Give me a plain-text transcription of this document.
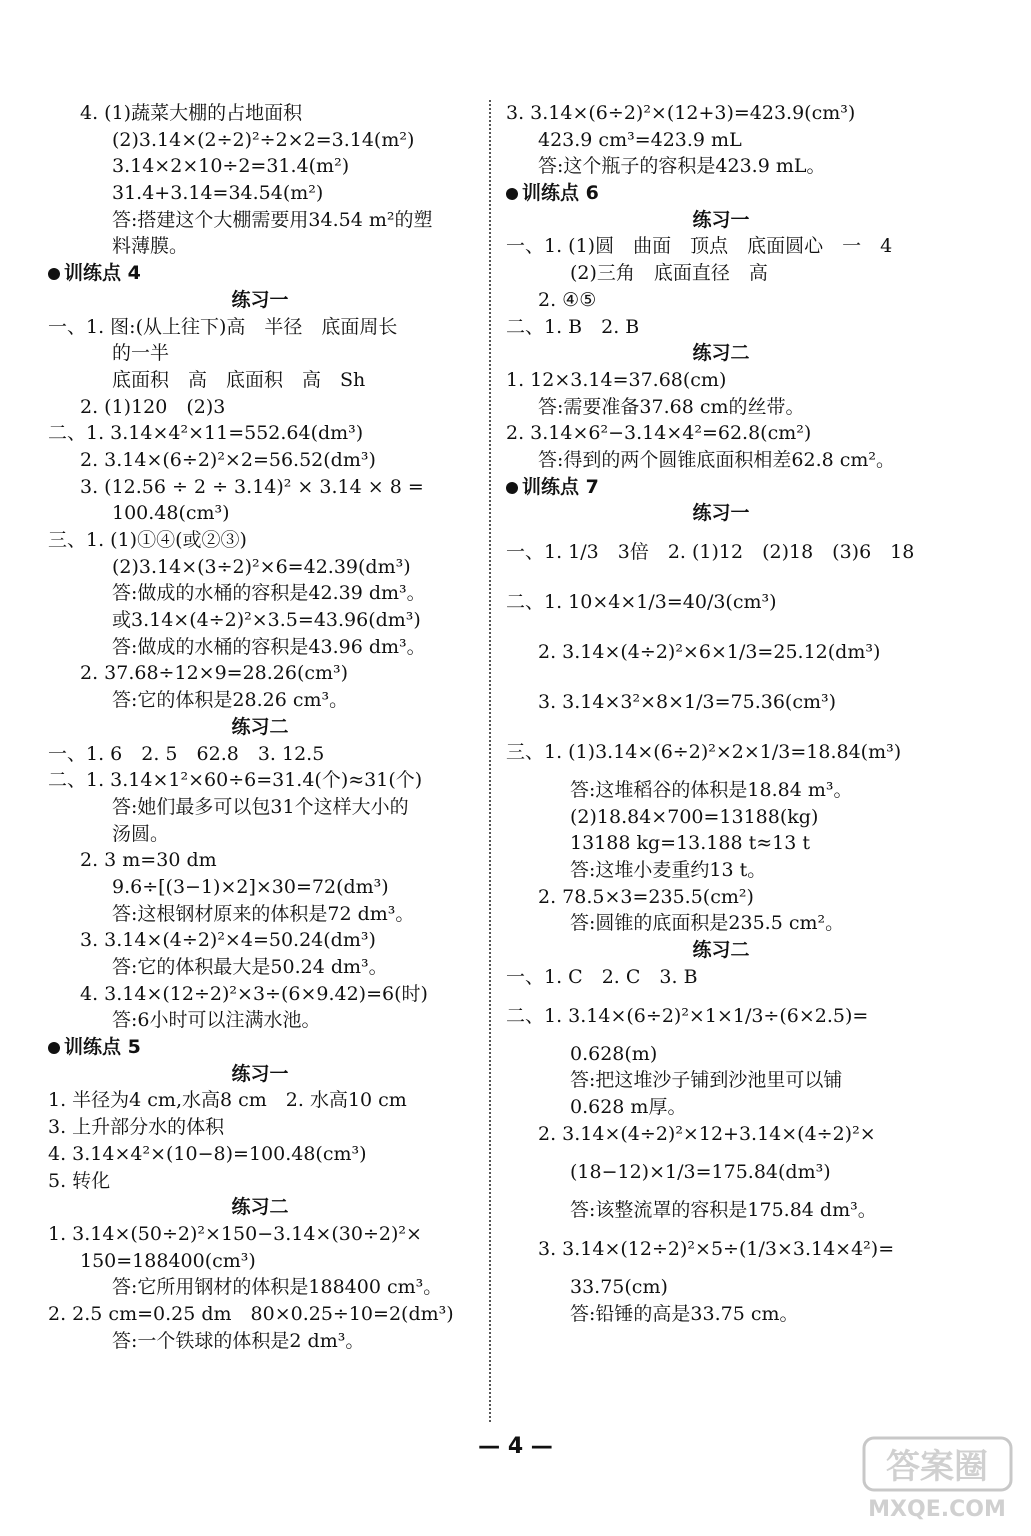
4. (1)蔬菜大棚的占地面积
(2)3.14×(2÷2)²÷2×2=3.14(m²)
3.14×2×10÷2=31.4(m²)
31.4+3.14=34.54(m²)
答:搭建这个大棚需要用34.54 m²的塑
料薄膜。
训练点 4
练习一
一、1. 图:(从上往下)高　半径　底面周长
的一半
底面积　高　底面积　高　Sh
2. (1)120　(2)3
二、1. 3.14×4²×11=552.64(dm³)
2. 3.14×(6÷2)²×2=56.52(dm³)
3. (12.56 ÷ 2 ÷ 3.14)² × 3.14 × 8 =
100.48(cm³)
三、1. (1)①④(或②③)
(2)3.14×(3÷2)²×6=42.39(dm³)
答:做成的水桶的容积是42.39 dm³。
或3.14×(4÷2)²×3.5=43.96(dm³)
答:做成的水桶的容积是43.96 dm³。
2. 37.68÷12×9=28.26(cm³)
答:它的体积是28.26 cm³。
练习二
一、1. 6　2. 5　62.8　3. 12.5
二、1. 3.14×1²×60÷6=31.4(个)≈31(个)
答:她们最多可以包31个这样大小的
汤圆。
2. 3 m=30 dm
9.6÷[(3−1)×2]×30=72(dm³)
答:这根钢材原来的体积是72 dm³。
3. 3.14×(4÷2)²×4=50.24(dm³)
答:它的体积最大是50.24 dm³。
4. 3.14×(12÷2)²×3÷(6×9.42)=6(时)
答:6小时可以注满水池。
训练点 5
练习一
1. 半径为4 cm,水高8 cm　2. 水高10 cm
3. 上升部分水的体积
4. 3.14×4²×(10−8)=100.48(cm³)
5. 转化
练习二
1. 3.14×(50÷2)²×150−3.14×(30÷2)²×
150=188400(cm³)
答:它所用钢材的体积是188400 cm³。
2. 2.5 cm=0.25 dm　80×0.25÷10=2(dm³)
答:一个铁球的体积是2 dm³。
3. 3.14×(6÷2)²×(12+3)=423.9(cm³)
423.9 cm³=423.9 mL
答:这个瓶子的容积是423.9 mL。
训练点 6
练习一
一、1. (1)圆　曲面　顶点　底面圆心　一　4
(2)三角　底面直径　高
2. ④⑤
二、1. B　2. B
练习二
1. 12×3.14=37.68(cm)
答:需要准备37.68 cm的丝带。
2. 3.14×6²−3.14×4²=62.8(cm²)
答:得到的两个圆锥底面积相差62.8 cm²。
训练点 7
练习一
一、1. 1/3　3倍　2. (1)12　(2)18　(3)6　18
二、1. 10×4×1/3=40/3(cm³)
2. 3.14×(4÷2)²×6×1/3=25.12(dm³)
3. 3.14×3²×8×1/3=75.36(cm³)
三、1. (1)3.14×(6÷2)²×2×1/3=18.84(m³)
答:这堆稻谷的体积是18.84 m³。
(2)18.84×700=13188(kg)
13188 kg=13.188 t≈13 t
答:这堆小麦重约13 t。
2. 78.5×3=235.5(cm²)
答:圆锥的底面积是235.5 cm²。
练习二
一、1. C　2. C　3. B
二、1. 3.14×(6÷2)²×1×1/3÷(6×2.5)=
0.628(m)
答:把这堆沙子铺到沙池里可以铺
0.628 m厚。
2. 3.14×(4÷2)²×12+3.14×(4÷2)²×
(18−12)×1/3=175.84(dm³)
答:该整流罩的容积是175.84 dm³。
3. 3.14×(12÷2)²×5÷(1/3×3.14×4²)=
33.75(cm)
答:铅锤的高是33.75 cm。
— 4 —
答案圈
MXQE.COM
